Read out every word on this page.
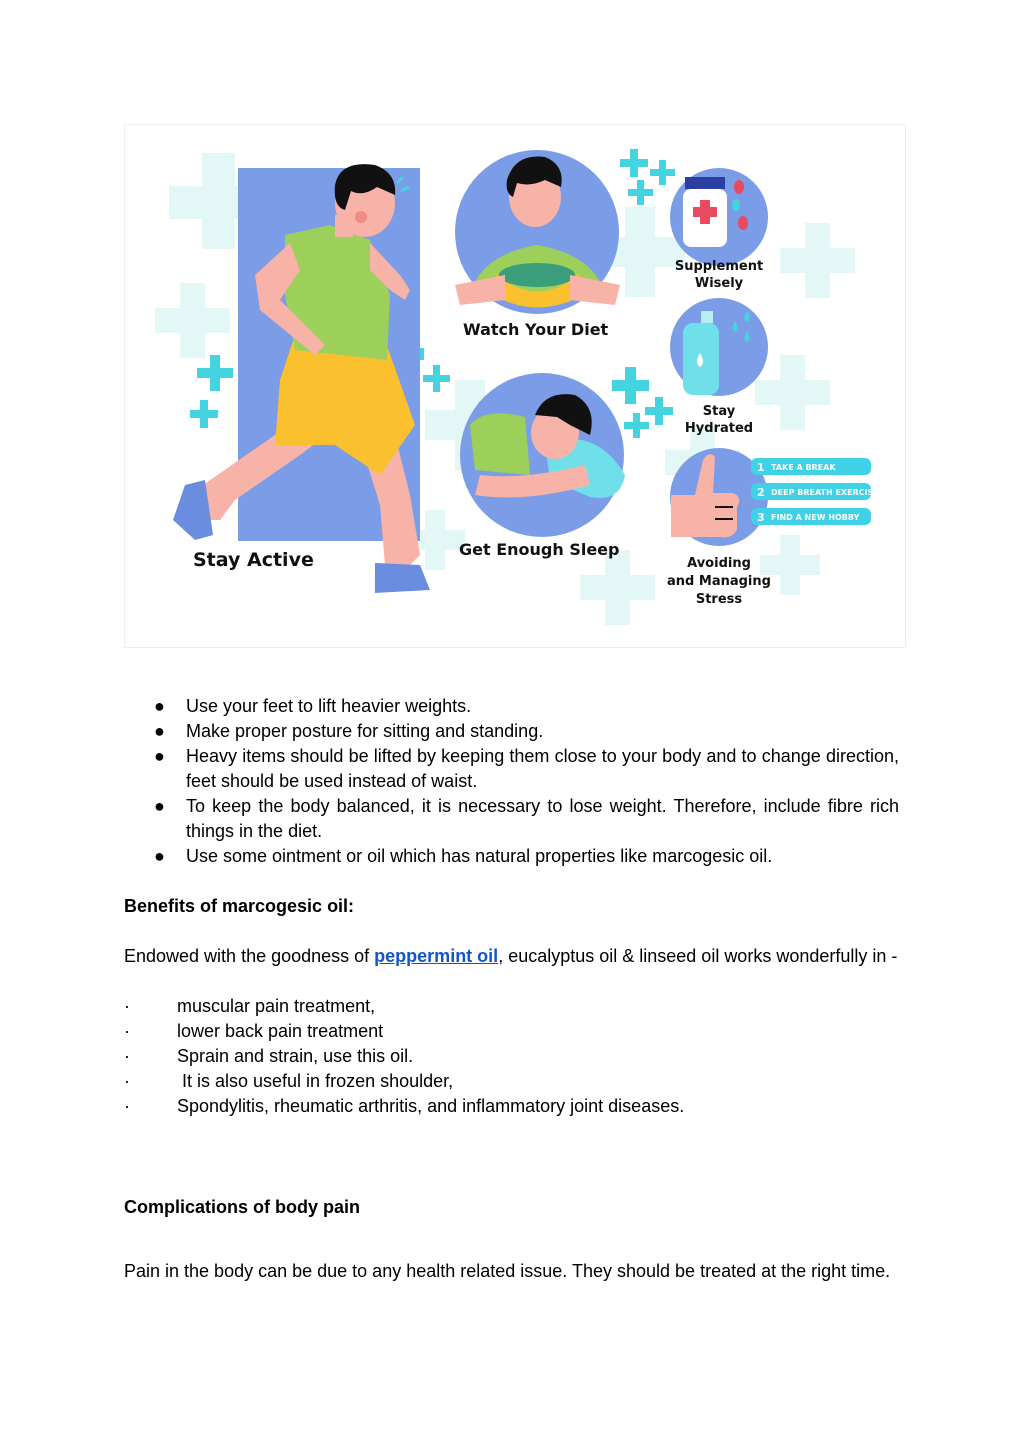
Stay Active
Watch Your Diet
Supplement
Wisely
Stay
Hydrated
Get Enough Sleep
Avoiding
and Managing
Stress
1 TAKE A BREAK
2 DEEP BREATH EXERCISE
3 FIND A NEW HOBBY
● Use your feet to lift heavier weights.
● Make proper posture for sitting and standing.
● Heavy items should be lifted by keeping them close to your body and to change direction, feet should be used instead of waist.
● To keep the body balanced, it is necessary to lose weight. Therefore, include fibre rich things in the diet.
● Use some ointment or oil which has natural properties like marcogesic oil.
Benefits of marcogesic oil:
Endowed with the goodness of peppermint oil, eucalyptus oil & linseed oil works wonderfully in -
·	muscular pain treatment,
·	lower back pain treatment
·	Sprain and strain, use this oil.
·	It is also useful in frozen shoulder,
·	Spondylitis, rheumatic arthritis, and inflammatory joint diseases.
Complications of body pain
Pain in the body can be due to any health related issue. They should be treated at the right time.
